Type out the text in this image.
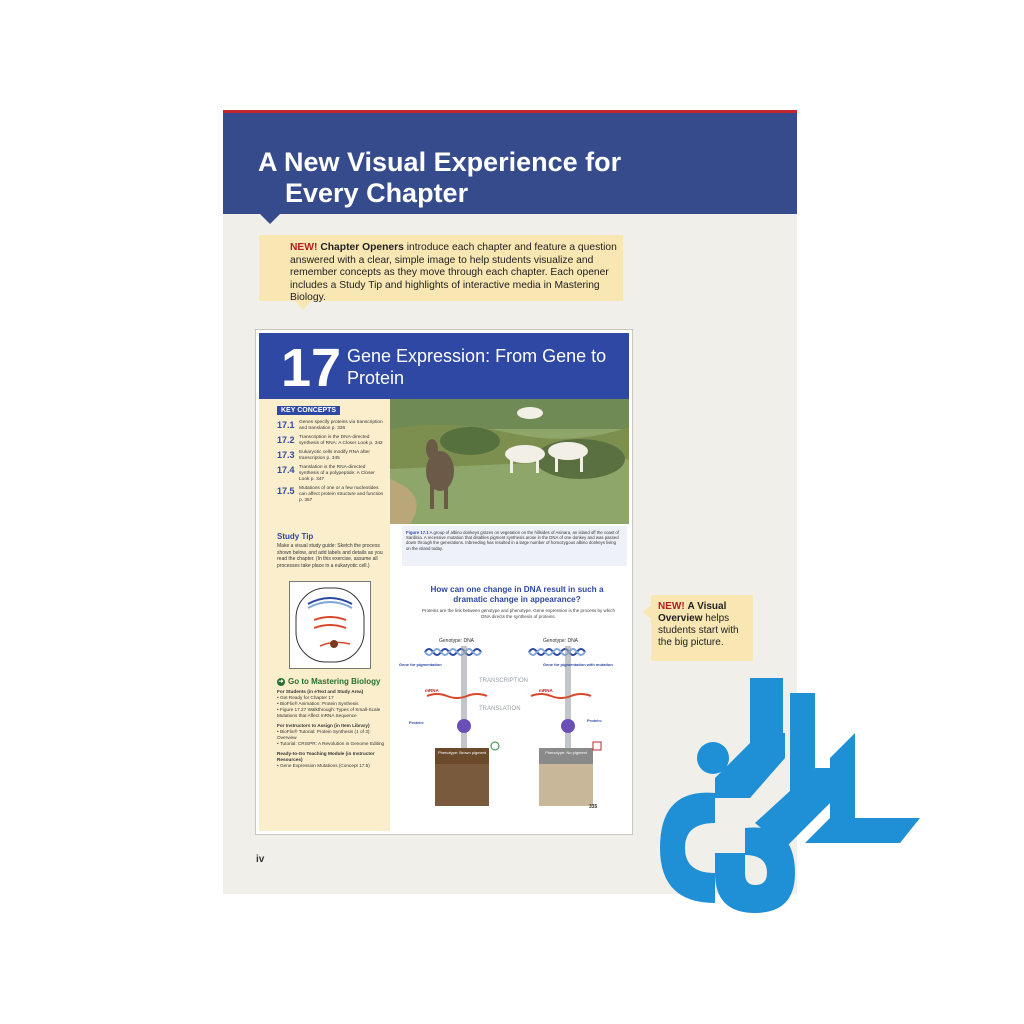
A New Visual Experience for
Every Chapter
NEW! Chapter Openers introduce each chapter and feature a question answered with a clear, simple image to help students visualize and remember concepts as they move through each chapter. Each opener includes a Study Tip and highlights of interactive media in Mastering Biology.
17 Gene Expression: From Gene to Protein
KEY CONCEPTS
17.1 Genes specify proteins via transcription and translation p. 336
17.2 Transcription is the DNA-directed synthesis of RNA: A Closer Look p. 342
17.3 Eukaryotic cells modify RNA after transcription p. 345
17.4 Translation is the RNA-directed synthesis of a polypeptide: A Closer Look p. 347
17.5 Mutations of one or a few nucleotides can affect protein structure and function p. 357
Study Tip
Make a visual study guide: Sketch the process shown below, and add labels and details as you read the chapter. (In this exercise, assume all processes take place in a eukaryotic cell.)
➜ Go to Mastering Biology
For Students (in eText and Study Area)
• Get Ready for Chapter 17
• BioFlix® Animation: Protein Synthesis
• Figure 17.27 Walkthrough: Types of Small-Scale Mutations that Affect mRNA Sequence
For Instructors to Assign (in Item Library)
• BioFlix® Tutorial: Protein Synthesis (1 of 3): Overview
• Tutorial: CRISPR: A Revolution in Genome Editing
Ready-to-Go Teaching Module (in Instructor Resources)
• Gene Expression Mutations (Concept 17.5)
Figure 17.1 A group of albino donkeys grazes on vegetation on the hillsides of Asinara, an island off the coast of Sardinia. A recessive mutation that disables pigment synthesis arose in the DNA of one donkey and was passed down through the generations. Inbreeding has resulted in a large number of homozygous albino donkeys living on the island today.
How can one change in DNA result in such a dramatic change in appearance?
Proteins are the link between genotype and phenotype. Gene expression is the process by which DNA directs the synthesis of proteins.
Genotype: DNA	Genotype: DNA
Gene for pigmentation	Gene for pigmentation with mutation
TRANSCRIPTION
mRNA	mRNA
TRANSLATION
Protein:	Protein:
Phenotype: Brown pigment	Phenotype: No pigment
335
NEW! A Visual Overview helps students start with the big picture.
iv
